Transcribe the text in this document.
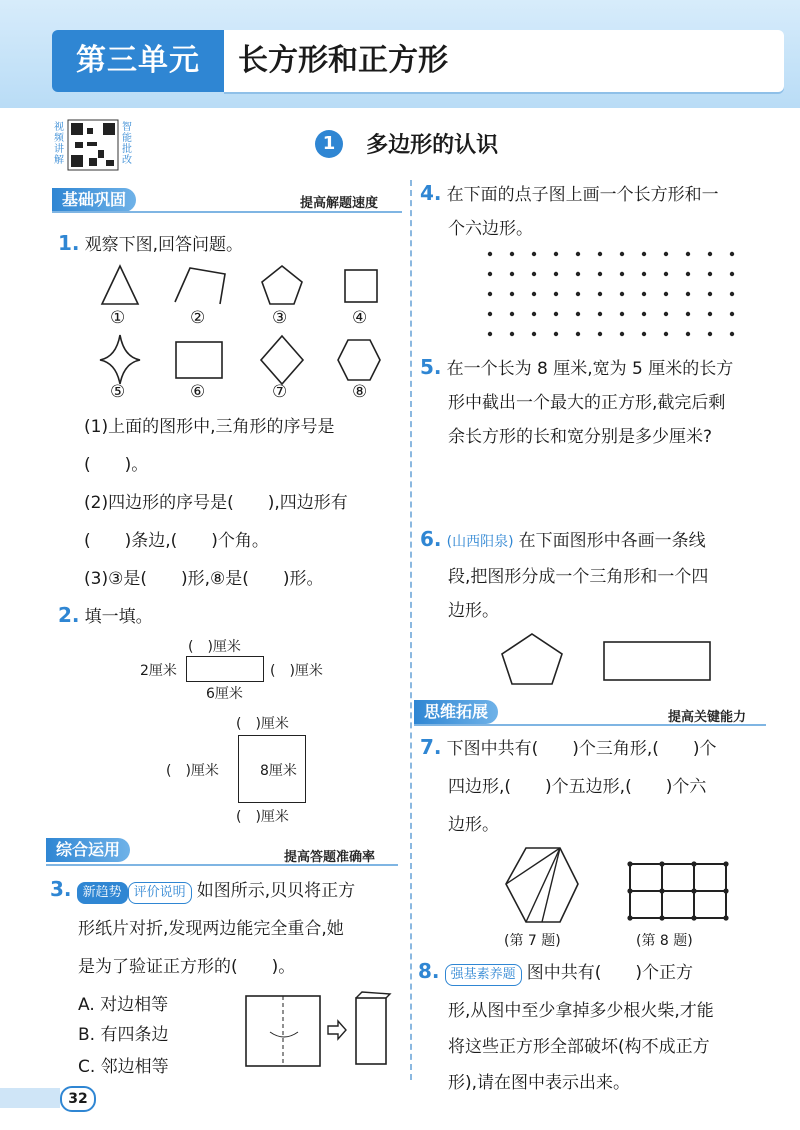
第三单元	长方形和正方形
视频讲解
智能批改
1 多边形的认识
基础巩固	提高解题速度
1. 观察下图,回答问题。
①	②	③	④
⑤	⑥	⑦	⑧
(1)上面的图形中,三角形的序号是
(　　)。
(2)四边形的序号是(　　),四边形有
(　　)条边,(　　)个角。
(3)③是(　　)形,⑧是(　　)形。
2. 填一填。
(　)厘米
2厘米	(　)厘米
6厘米
(　)厘米
(　)厘米	8厘米
(　)厘米
综合运用	提高答题准确率
3. 新趋势 评价说明 如图所示,贝贝将正方
形纸片对折,发现两边能完全重合,她
是为了验证正方形的(　　)。
A. 对边相等
B. 有四条边
C. 邻边相等
4. 在下面的点子图上画一个长方形和一
个六边形。
5. 在一个长为 8 厘米,宽为 5 厘米的长方
形中截出一个最大的正方形,截完后剩
余长方形的长和宽分别是多少厘米?
6. (山西阳泉) 在下面图形中各画一条线
段,把图形分成一个三角形和一个四
边形。
思维拓展	提高关键能力
7. 下图中共有(　　)个三角形,(　　)个
四边形,(　　)个五边形,(　　)个六
边形。
(第 7 题)	(第 8 题)
8. 强基素养题 图中共有(　　)个正方
形,从图中至少拿掉多少根火柴,才能
将这些正方形全部破坏(构不成正方
形),请在图中表示出来。
32
